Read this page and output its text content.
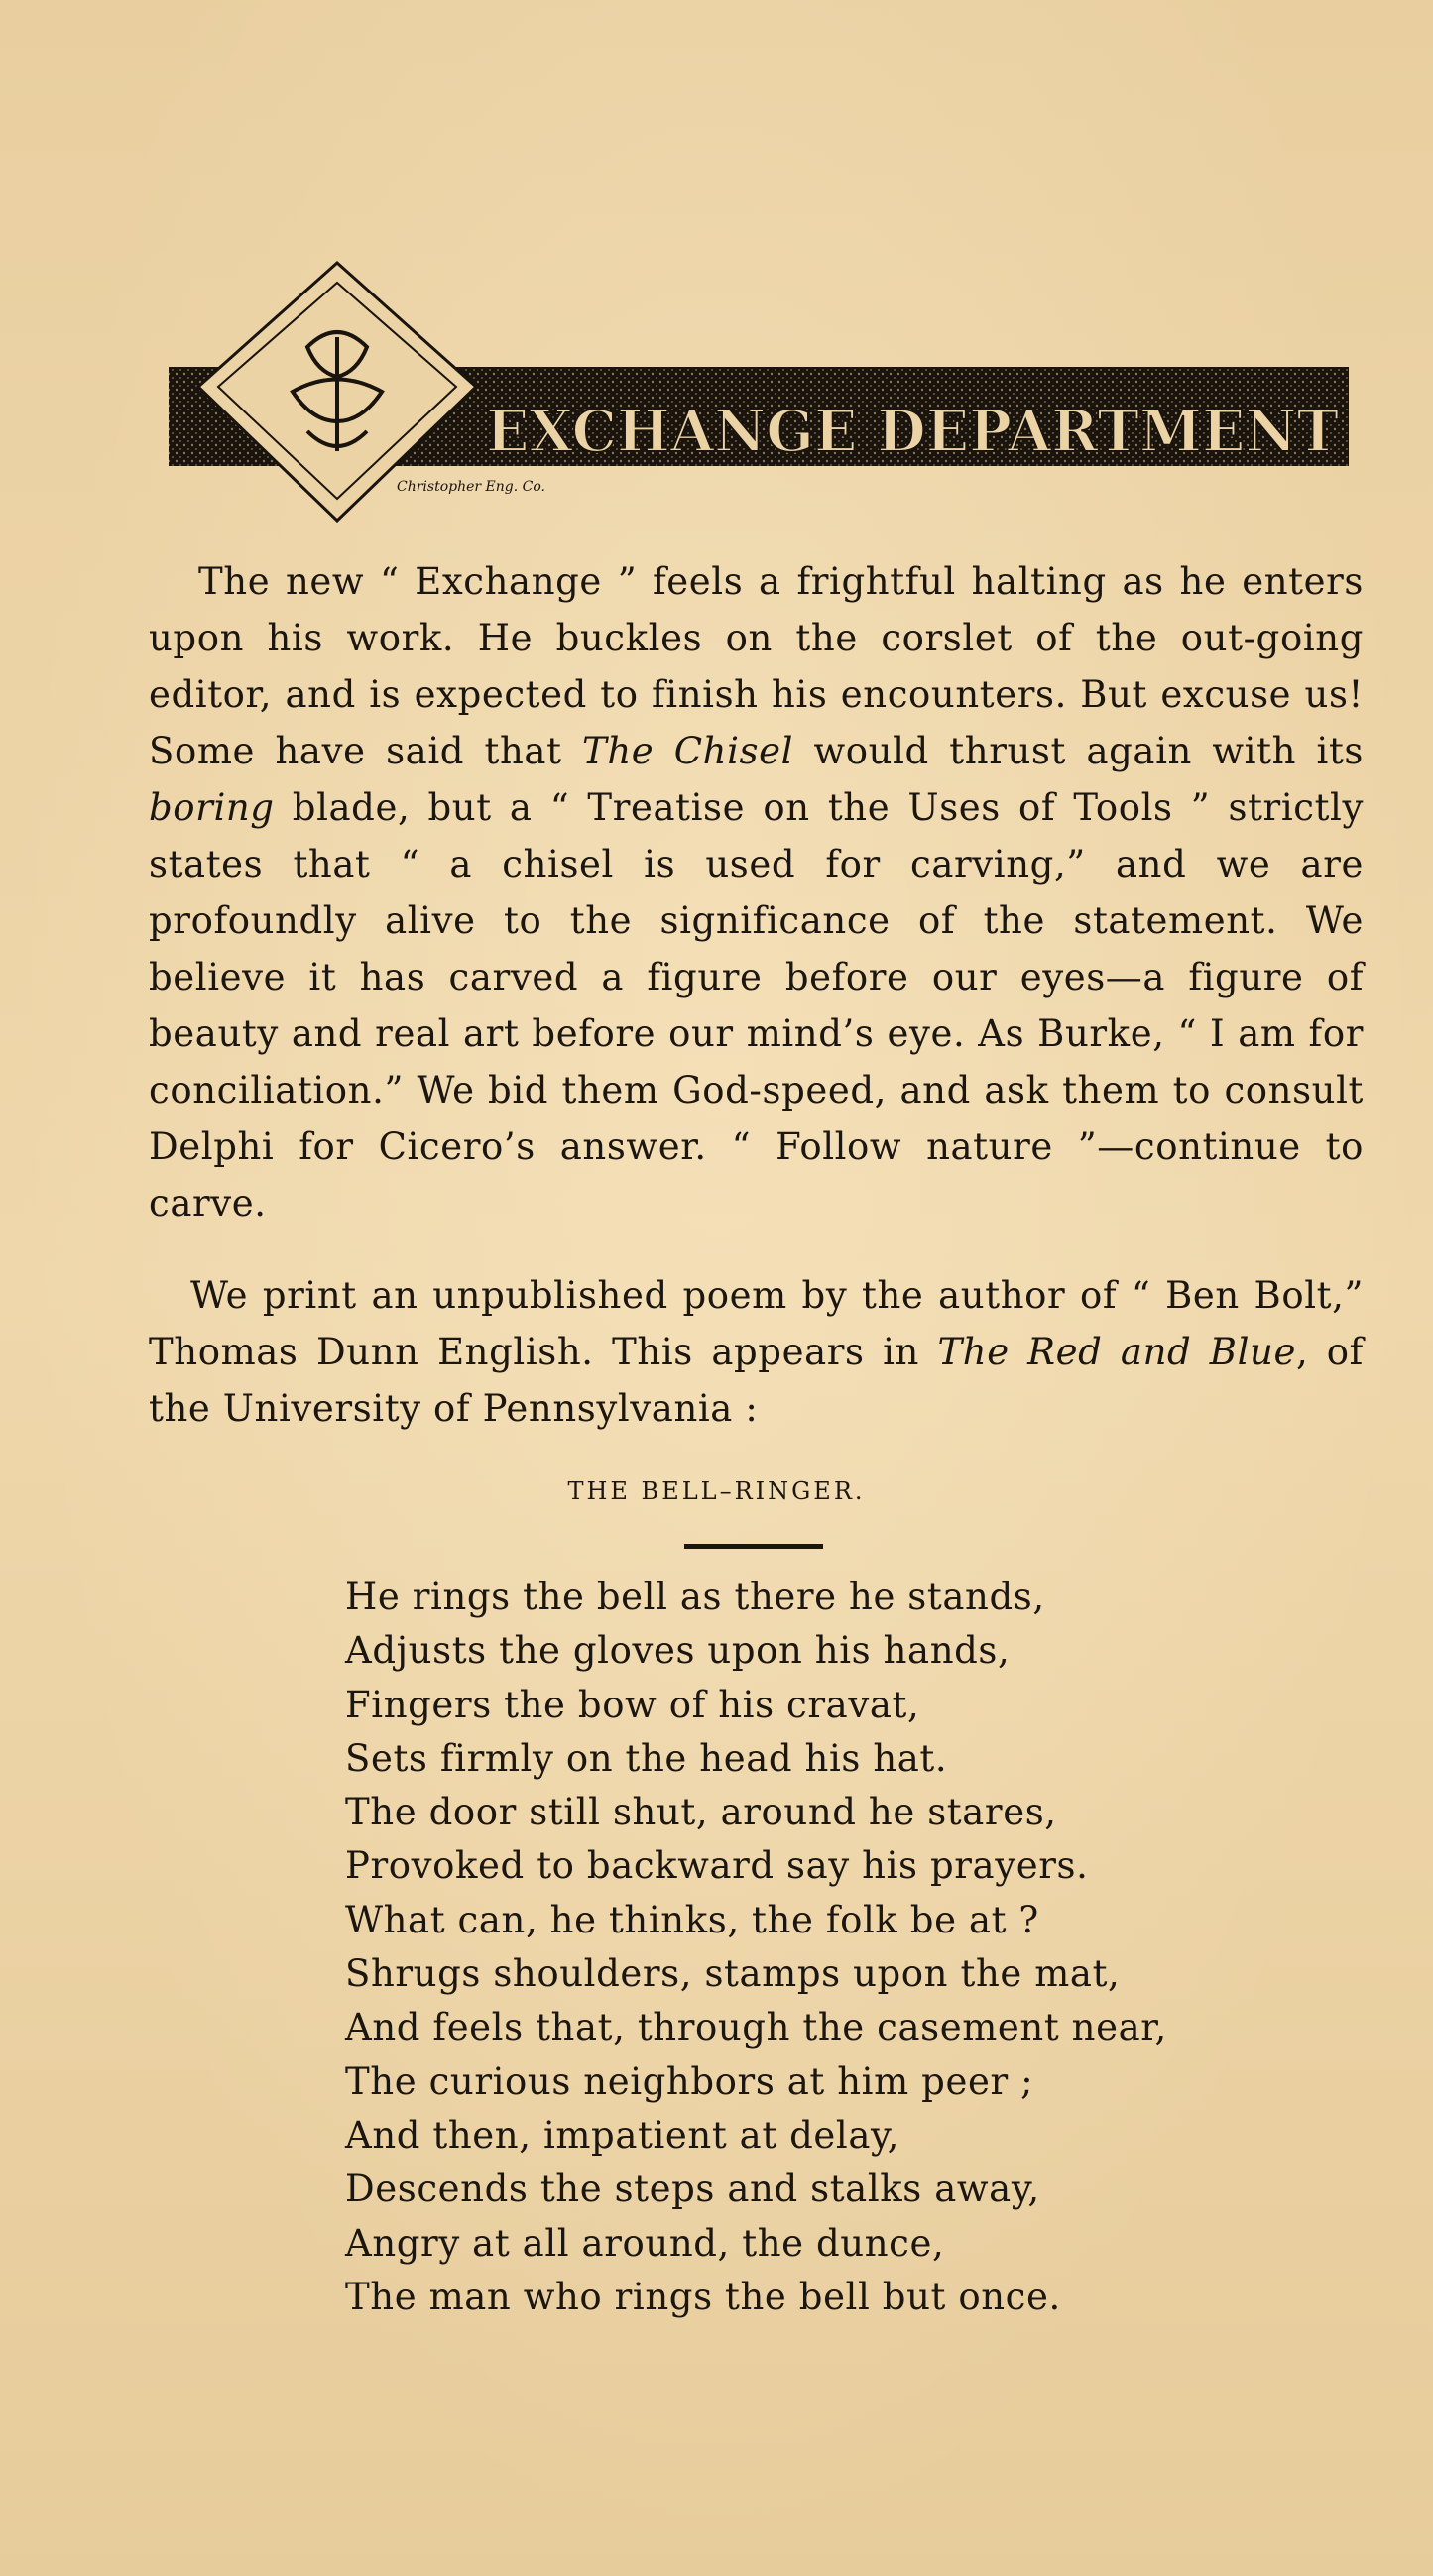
Christopher Eng. Co.
EXCHANGE DEPARTMENT

The new “ Exchange ” feels a frightful halting as he enters upon his work. He buckles on the corslet of the out-going editor, and is expected to finish his encounters. But excuse us! Some have said that The Chisel would thrust again with its boring blade, but a “ Treatise on the Uses of Tools ” strictly states that “ a chisel is used for carving,” and we are profoundly alive to the significance of the statement. We believe it has carved a figure before our eyes—a figure of beauty and real art before our mind’s eye. As Burke, “ I am for conciliation.” We bid them God-speed, and ask them to consult Delphi for Cicero’s answer. “ Follow nature ”—continue to carve.

We print an unpublished poem by the author of “ Ben Bolt,” Thomas Dunn English. This appears in The Red and Blue, of the University of Pennsylvania :

THE BELL–RINGER.
He rings the bell as there he stands,
Adjusts the gloves upon his hands,
Fingers the bow of his cravat,
Sets firmly on the head his hat.
The door still shut, around he stares,
Provoked to backward say his prayers.
What can, he thinks, the folk be at ?
Shrugs shoulders, stamps upon the mat,
And feels that, through the casement near,
The curious neighbors at him peer ;
And then, impatient at delay,
Descends the steps and stalks away,
Angry at all around, the dunce,
The man who rings the bell but once.
